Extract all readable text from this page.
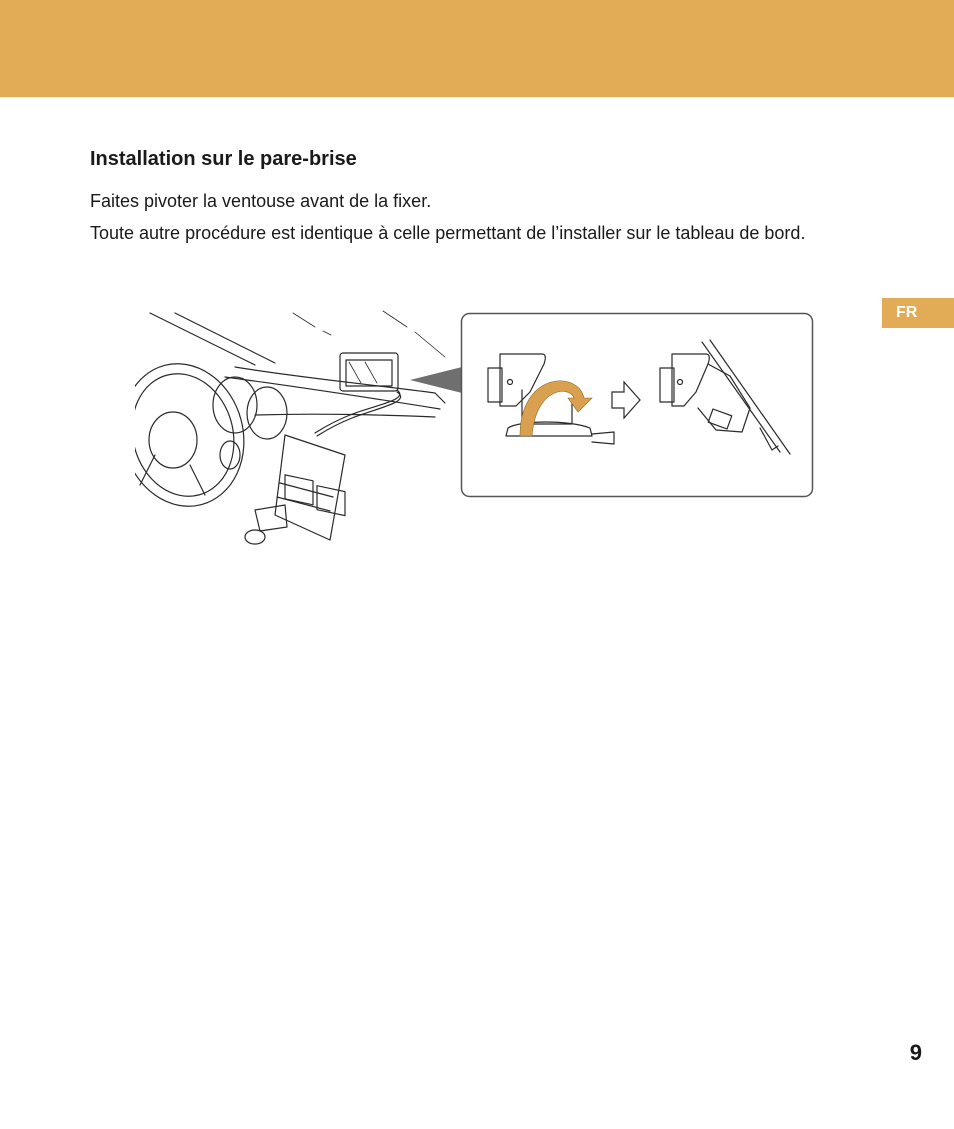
Installation sur le pare-brise

Faites pivoter la ventouse avant de la fixer.

Toute autre procédure est identique à celle permettant de l’installer sur le tableau de bord.

FR
9
